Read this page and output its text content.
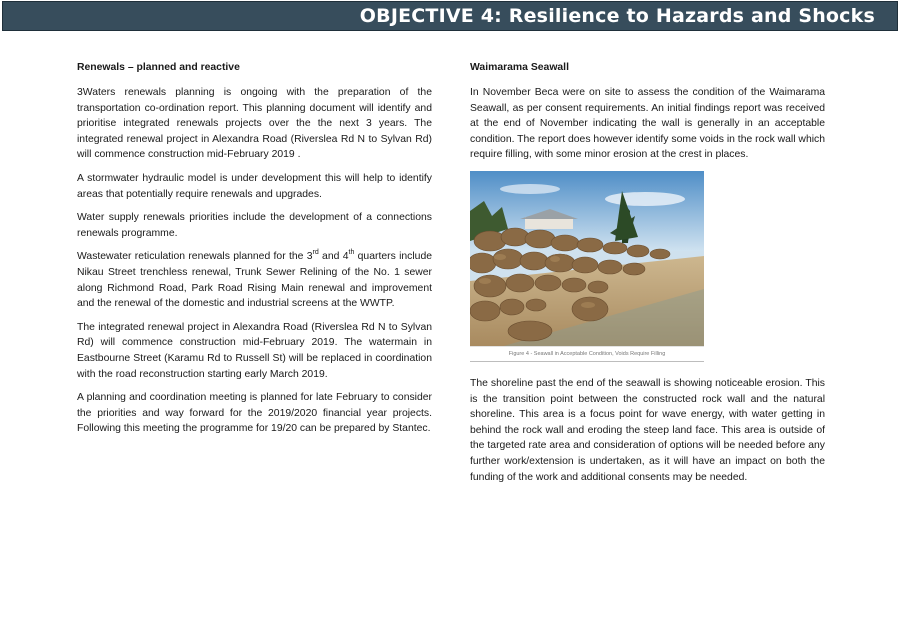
OBJECTIVE 4: Resilience to Hazards and Shocks
Renewals – planned and reactive

3Waters renewals planning is ongoing with the preparation of the transportation co-ordination report. This planning document will identify and prioritise integrated renewals projects over the the next 3 years. The integrated renewal project in Alexandra Road (Riverslea Rd N to Sylvan Rd) will commence construction mid-February 2019 .

A stormwater hydraulic model is under development this will help to identify areas that potentially require renewals and upgrades.

Water supply renewals priorities include the development of a connections renewals programme.

Wastewater reticulation renewals planned for the 3rd and 4th quarters include Nikau Street trenchless renewal, Trunk Sewer Relining of the No. 1 sewer along Richmond Road, Park Road Rising Main renewal and improvement and the renewal of the domestic and industrial screens at the WWTP.

The integrated renewal project in Alexandra Road (Riverslea Rd N to Sylvan Rd) will commence construction mid-February 2019. The watermain in Eastbourne Street (Karamu Rd to Russell St) will be replaced in coordination with the road reconstruction starting early March 2019.

A planning and coordination meeting is planned for late February to consider the priorities and way forward for the 2019/2020 financial year projects. Following this meeting the programme for 19/20 can be prepared by Stantec.

Waimarama Seawall

In November Beca were on site to assess the condition of the Waimarama Seawall, as per consent requirements. An initial findings report was received at the end of November indicating the wall is generally in an acceptable condition. The report does however identify some voids in the rock wall which require filling, with some minor erosion at the crest in places.

Figure 4 - Seawall in Acceptable Condition, Voids Require Filling

The shoreline past the end of the seawall is showing noticeable erosion. This is the transition point between the constructed rock wall and the natural shoreline. This area is a focus point for wave energy, with water getting in behind the rock wall and eroding the steep land face. This area is outside of the targeted rate area and consideration of options will be needed before any further work/extension is undertaken, as it will have an impact on both the funding of the work and additional consents may be needed.
